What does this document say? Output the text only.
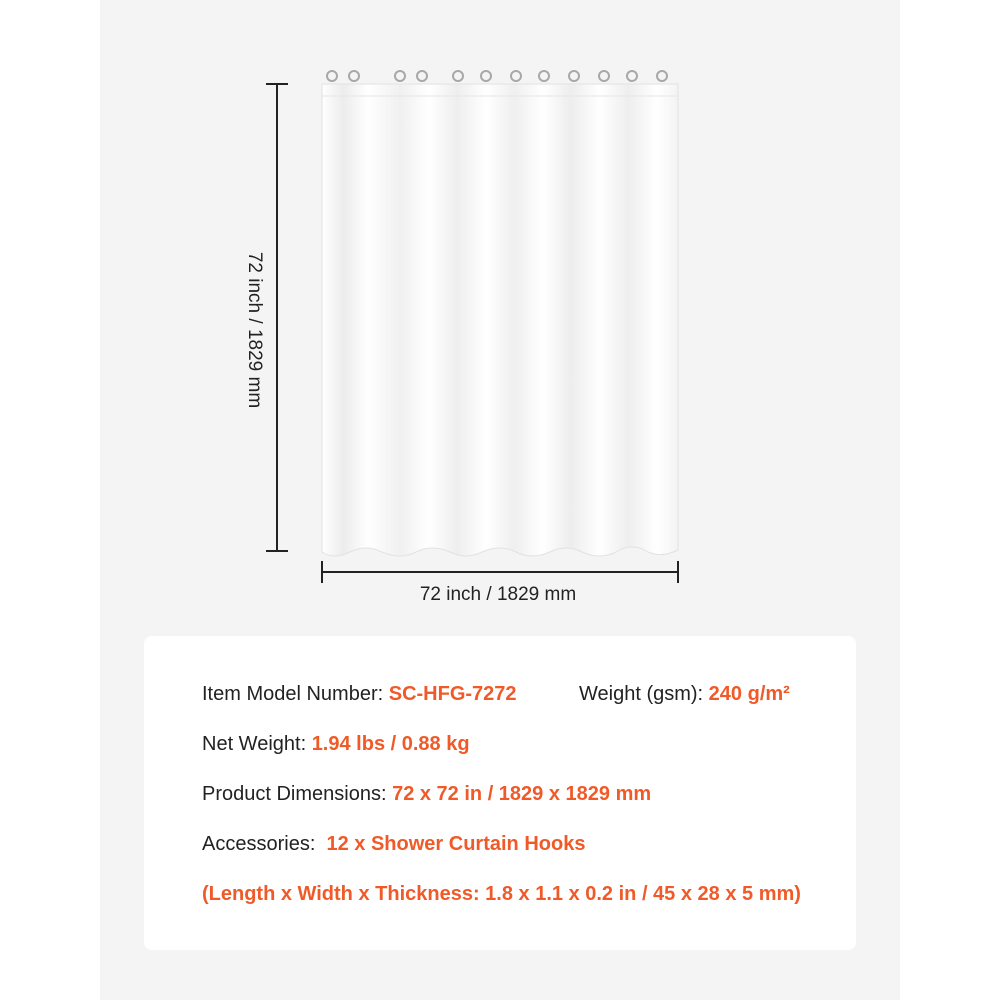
72 inch / 1829 mm
72 inch / 1829 mm
Item Model Number: SC-HFG-7272	Weight (gsm): 240 g/m²
Net Weight: 1.94 lbs / 0.88 kg
Product Dimensions: 72 x 72 in / 1829 x 1829 mm
Accessories:  12 x Shower Curtain Hooks
(Length x Width x Thickness: 1.8 x 1.1 x 0.2 in / 45 x 28 x 5 mm)
